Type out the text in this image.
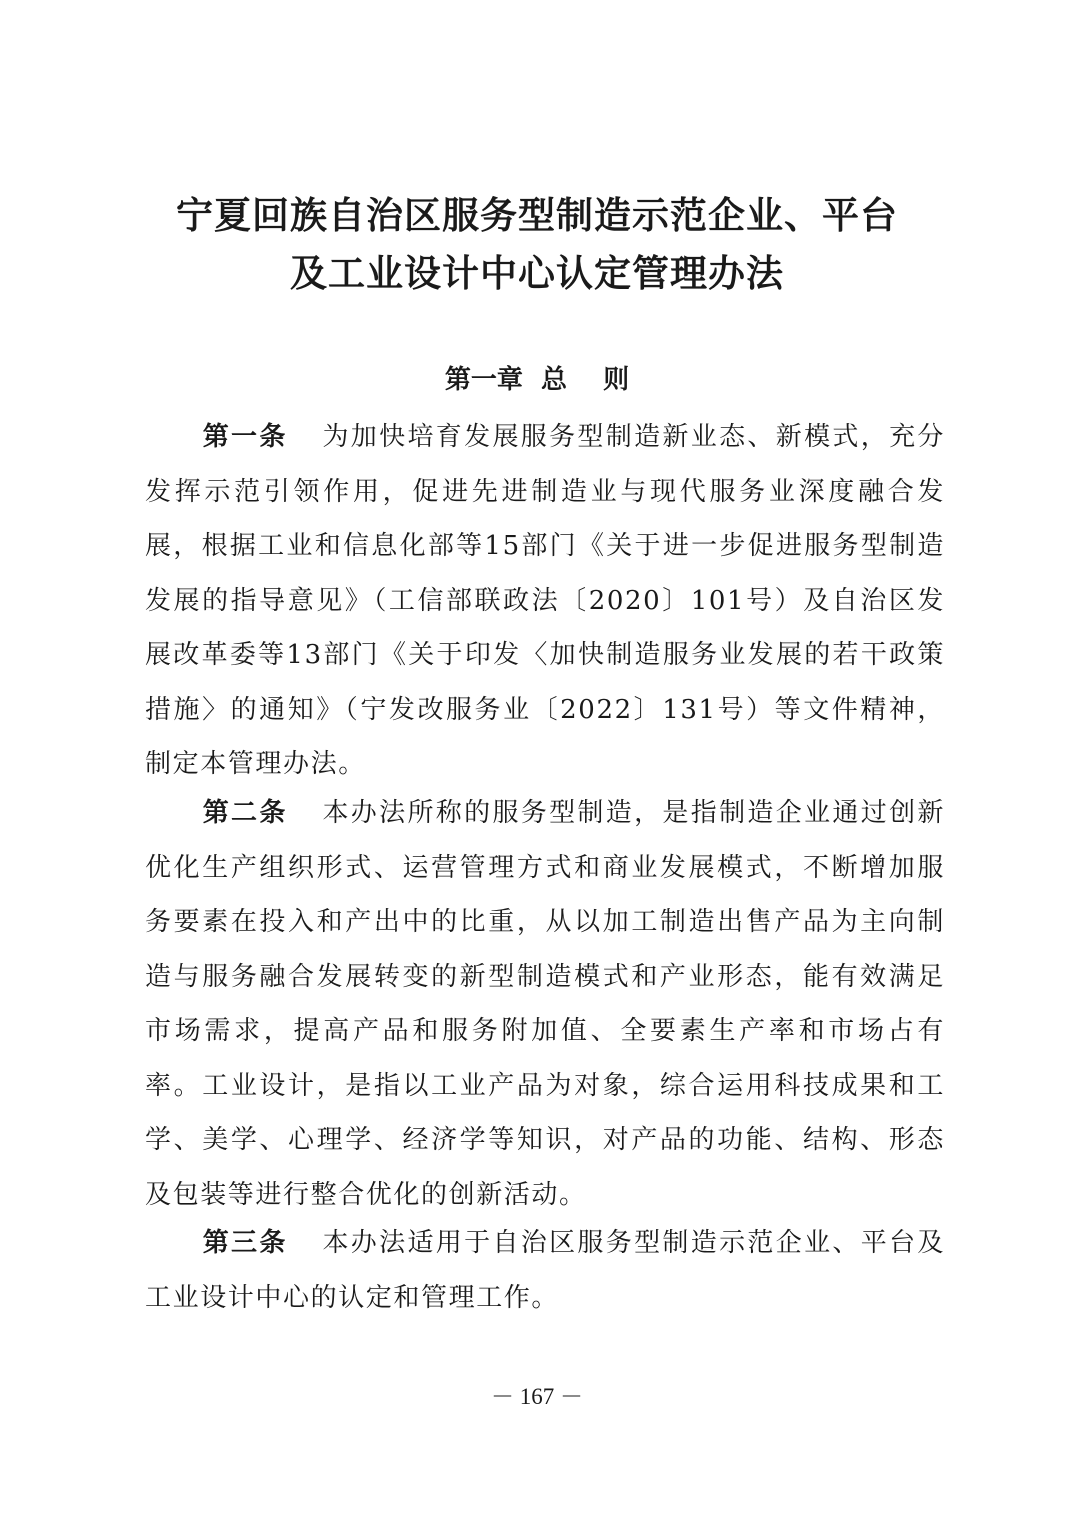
宁夏回族自治区服务型制造示范企业、平台
及工业设计中心认定管理办法
第一章  总    则
第一条 为加快培育发展服务型制造新业态、新模式，充分发挥示范引领作用，促进先进制造业与现代服务业深度融合发展，根据工业和信息化部等15部门《关于进一步促进服务型制造发展的指导意见》（工信部联政法〔2020〕101号）及自治区发展改革委等13部门《关于印发〈加快制造服务业发展的若干政策措施〉的通知》（宁发改服务业〔2022〕131号）等文件精神，制定本管理办法。
第二条 本办法所称的服务型制造，是指制造企业通过创新优化生产组织形式、运营管理方式和商业发展模式，不断增加服务要素在投入和产出中的比重，从以加工制造出售产品为主向制造与服务融合发展转变的新型制造模式和产业形态，能有效满足市场需求，提高产品和服务附加值、全要素生产率和市场占有率。工业设计，是指以工业产品为对象，综合运用科技成果和工学、美学、心理学、经济学等知识，对产品的功能、结构、形态及包装等进行整合优化的创新活动。
第三条 本办法适用于自治区服务型制造示范企业、平台及工业设计中心的认定和管理工作。
－ 167 －
